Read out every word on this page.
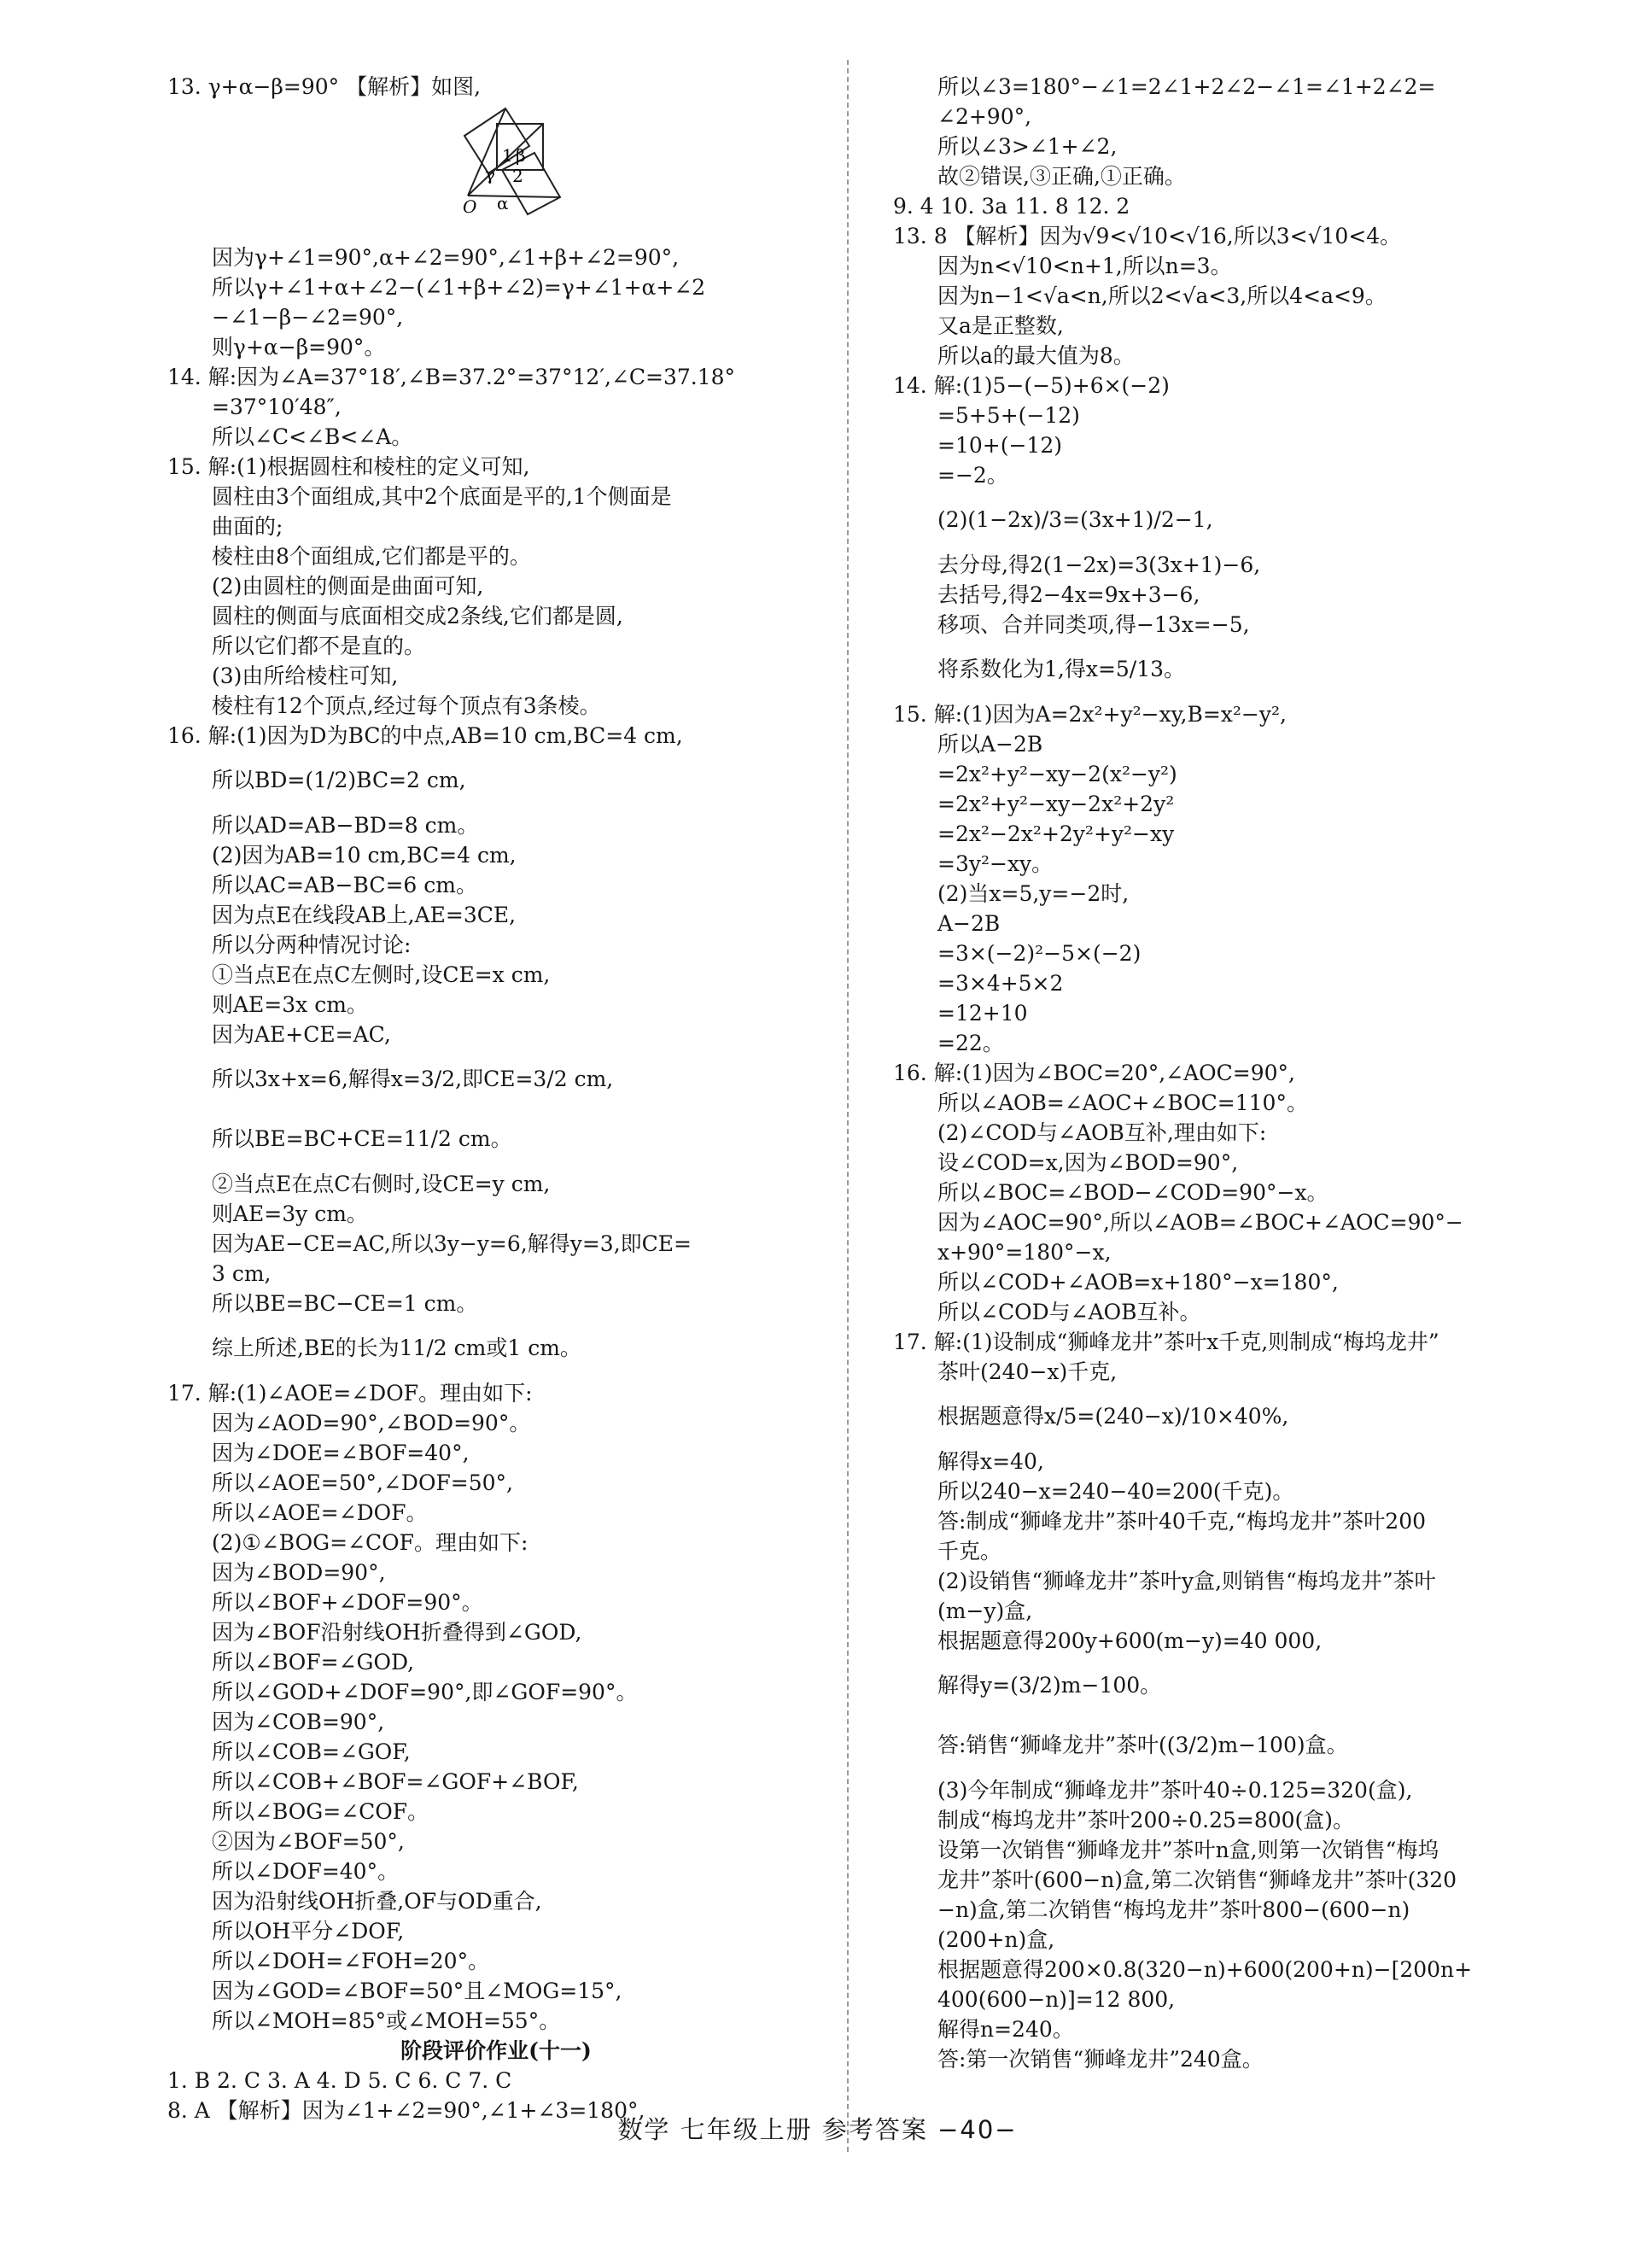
13. γ+α−β=90° 【解析】如图,
1 β
γ 2
O α
因为γ+∠1=90°,α+∠2=90°,∠1+β+∠2=90°,
所以γ+∠1+α+∠2−(∠1+β+∠2)=γ+∠1+α+∠2
−∠1−β−∠2=90°,
则γ+α−β=90°。
14. 解:因为∠A=37°18′,∠B=37.2°=37°12′,∠C=37.18°
=37°10′48″,
所以∠C<∠B<∠A。
15. 解:(1)根据圆柱和棱柱的定义可知,
圆柱由3个面组成,其中2个底面是平的,1个侧面是
曲面的;
棱柱由8个面组成,它们都是平的。
(2)由圆柱的侧面是曲面可知,
圆柱的侧面与底面相交成2条线,它们都是圆,
所以它们都不是直的。
(3)由所给棱柱可知,
棱柱有12个顶点,经过每个顶点有3条棱。
16. 解:(1)因为D为BC的中点,AB=10 cm,BC=4 cm,
所以BD=(1/2)BC=2 cm,
所以AD=AB−BD=8 cm。
(2)因为AB=10 cm,BC=4 cm,
所以AC=AB−BC=6 cm。
因为点E在线段AB上,AE=3CE,
所以分两种情况讨论:
①当点E在点C左侧时,设CE=x cm,
则AE=3x cm。
因为AE+CE=AC,
所以3x+x=6,解得x=3/2,即CE=3/2 cm,
所以BE=BC+CE=11/2 cm。
②当点E在点C右侧时,设CE=y cm,
则AE=3y cm。
因为AE−CE=AC,所以3y−y=6,解得y=3,即CE=
3 cm,
所以BE=BC−CE=1 cm。
综上所述,BE的长为11/2 cm或1 cm。
17. 解:(1)∠AOE=∠DOF。理由如下:
因为∠AOD=90°,∠BOD=90°。
因为∠DOE=∠BOF=40°,
所以∠AOE=50°,∠DOF=50°,
所以∠AOE=∠DOF。
(2)①∠BOG=∠COF。理由如下:
因为∠BOD=90°,
所以∠BOF+∠DOF=90°。
因为∠BOF沿射线OH折叠得到∠GOD,
所以∠BOF=∠GOD,
所以∠GOD+∠DOF=90°,即∠GOF=90°。
因为∠COB=90°,
所以∠COB=∠GOF,
所以∠COB+∠BOF=∠GOF+∠BOF,
所以∠BOG=∠COF。
②因为∠BOF=50°,
所以∠DOF=40°。
因为沿射线OH折叠,OF与OD重合,
所以OH平分∠DOF,
所以∠DOH=∠FOH=20°。
因为∠GOD=∠BOF=50°且∠MOG=15°,
所以∠MOH=85°或∠MOH=55°。
阶段评价作业(十一)
1. B 2. C 3. A 4. D 5. C 6. C 7. C
8. A 【解析】因为∠1+∠2=90°,∠1+∠3=180°,
所以∠3=180°−∠1=2∠1+2∠2−∠1=∠1+2∠2=
∠2+90°,
所以∠3>∠1+∠2,
故②错误,③正确,①正确。
9. 4 10. 3a 11. 8 12. 2
13. 8 【解析】因为√9<√10<√16,所以3<√10<4。
因为n<√10<n+1,所以n=3。
因为n−1<√a<n,所以2<√a<3,所以4<a<9。
又a是正整数,
所以a的最大值为8。
14. 解:(1)5−(−5)+6×(−2)
=5+5+(−12)
=10+(−12)
=−2。
(2)(1−2x)/3=(3x+1)/2−1,
去分母,得2(1−2x)=3(3x+1)−6,
去括号,得2−4x=9x+3−6,
移项、合并同类项,得−13x=−5,
将系数化为1,得x=5/13。
15. 解:(1)因为A=2x²+y²−xy,B=x²−y²,
所以A−2B
=2x²+y²−xy−2(x²−y²)
=2x²+y²−xy−2x²+2y²
=2x²−2x²+2y²+y²−xy
=3y²−xy。
(2)当x=5,y=−2时,
A−2B
=3×(−2)²−5×(−2)
=3×4+5×2
=12+10
=22。
16. 解:(1)因为∠BOC=20°,∠AOC=90°,
所以∠AOB=∠AOC+∠BOC=110°。
(2)∠COD与∠AOB互补,理由如下:
设∠COD=x,因为∠BOD=90°,
所以∠BOC=∠BOD−∠COD=90°−x。
因为∠AOC=90°,所以∠AOB=∠BOC+∠AOC=90°−
x+90°=180°−x,
所以∠COD+∠AOB=x+180°−x=180°,
所以∠COD与∠AOB互补。
17. 解:(1)设制成“狮峰龙井”茶叶x千克,则制成“梅坞龙井”
茶叶(240−x)千克,
根据题意得x/5=(240−x)/10×40%,
解得x=40,
所以240−x=240−40=200(千克)。
答:制成“狮峰龙井”茶叶40千克,“梅坞龙井”茶叶200
千克。
(2)设销售“狮峰龙井”茶叶y盒,则销售“梅坞龙井”茶叶
(m−y)盒,
根据题意得200y+600(m−y)=40 000,
解得y=(3/2)m−100。
答:销售“狮峰龙井”茶叶((3/2)m−100)盒。
(3)今年制成“狮峰龙井”茶叶40÷0.125=320(盒),
制成“梅坞龙井”茶叶200÷0.25=800(盒)。
设第一次销售“狮峰龙井”茶叶n盒,则第一次销售“梅坞
龙井”茶叶(600−n)盒,第二次销售“狮峰龙井”茶叶(320
−n)盒,第二次销售“梅坞龙井”茶叶800−(600−n)
(200+n)盒,
根据题意得200×0.8(320−n)+600(200+n)−[200n+
400(600−n)]=12 800,
解得n=240。
答:第一次销售“狮峰龙井”240盒。
数学 七年级上册 参考答案 −40−
